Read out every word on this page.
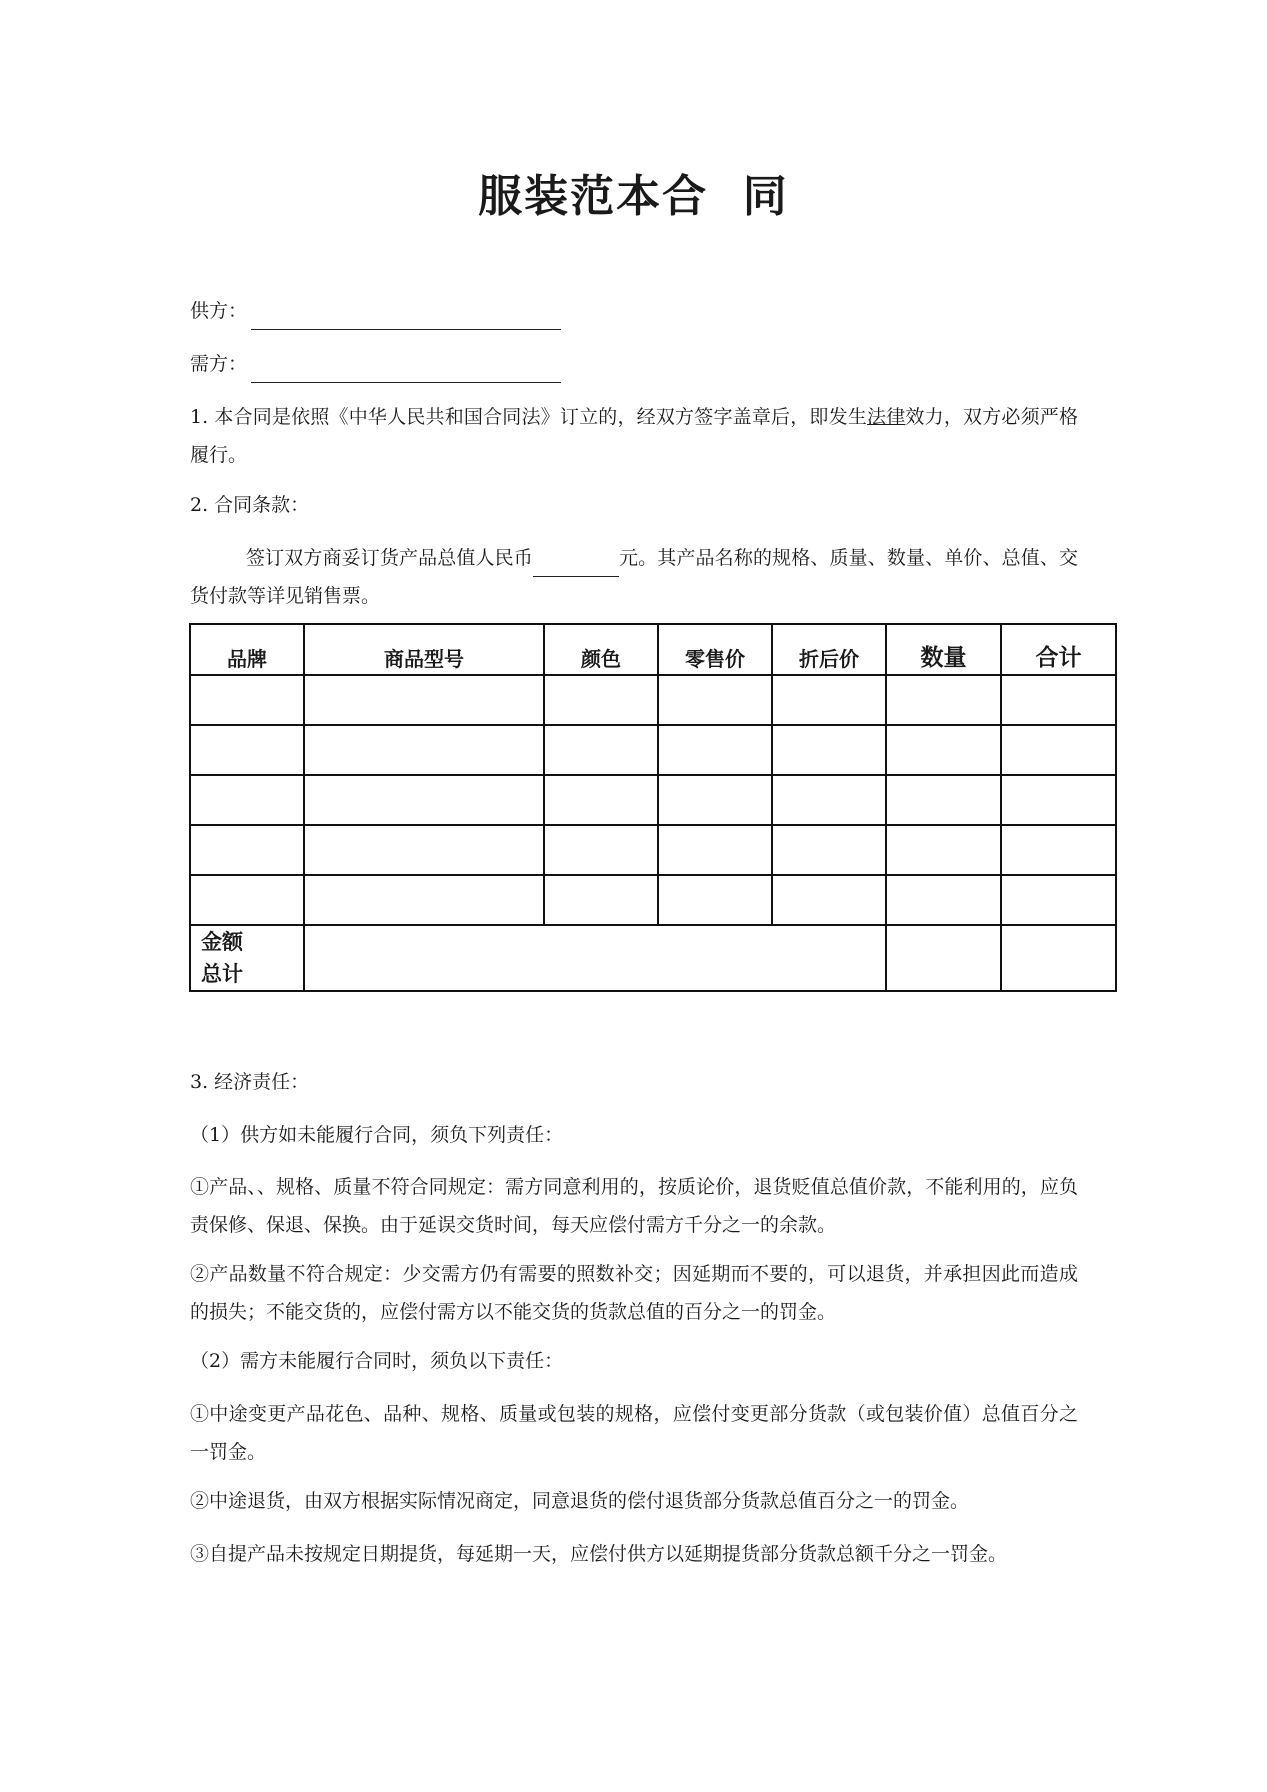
服装范本合  同
供方：
需方：
1. 本合同是依照《中华人民共和国合同法》订立的，经双方签字盖章后，即发生法律效力，双方必须严格履行。
2. 合同条款：
签订双方商妥订货产品总值人民币	元。其产品名称的规格、质量、数量、单价、总值、交货付款等详见销售票。
品牌	商品型号	颜色	零售价	折后价	数量	合计

金额
总计						

3. 经济责任：
（1）供方如未能履行合同，须负下列责任：
①产品、、规格、质量不符合同规定：需方同意利用的，按质论价，退货贬值总值价款，不能利用的，应负责保修、保退、保换。由于延误交货时间，每天应偿付需方千分之一的余款。
②产品数量不符合规定：少交需方仍有需要的照数补交；因延期而不要的，可以退货，并承担因此而造成的损失；不能交货的，应偿付需方以不能交货的货款总值的百分之一的罚金。
（2）需方未能履行合同时，须负以下责任：
①中途变更产品花色、品种、规格、质量或包装的规格，应偿付变更部分货款（或包装价值）总值百分之一罚金。
②中途退货，由双方根据实际情况商定，同意退货的偿付退货部分货款总值百分之一的罚金。
③自提产品未按规定日期提货，每延期一天，应偿付供方以延期提货部分货款总额千分之一罚金。
